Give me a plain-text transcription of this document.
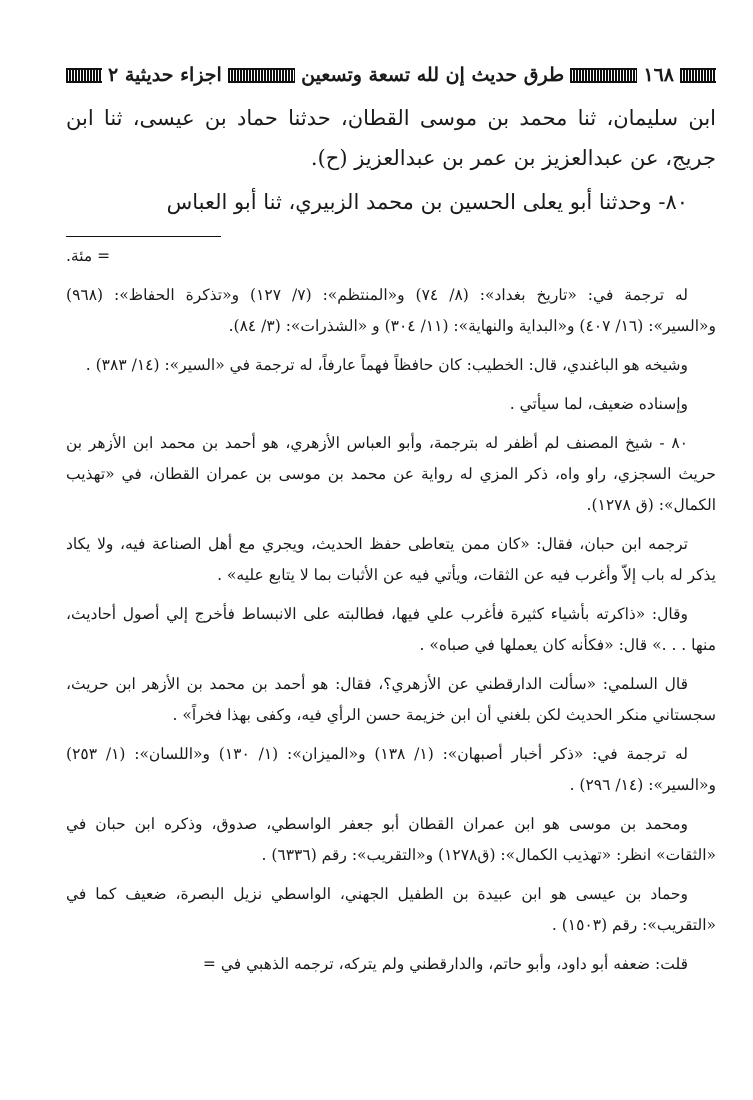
١٦٨
طرق حديث إن لله تسعة وتسعين
اجزاء حديثية ٢

ابن سليمان، ثنا محمد بن موسى القطان، حدثنا حماد بن عيسى، ثنا ابن جريج، عن عبدالعزيز بن عمر بن عبدالعزيز (ح).

٨٠- وحدثنا أبو يعلى الحسين بن محمد الزبيري، ثنا أبو العباس

= مئة.

له ترجمة في: «تاريخ بغداد»: (٨/ ٧٤) و«المنتظم»: (٧/ ١٢٧) و«تذكرة الحفاظ»: (٩٦٨) و«السير»: (١٦/ ٤٠٧) و«البداية والنهاية»: (١١/ ٣٠٤) و «الشذرات»: (٣/ ٨٤).

وشيخه هو الباغندي، قال: الخطيب: كان حافظاً فهماً عارفاً، له ترجمة في «السير»: (١٤/ ٣٨٣) .

وإسناده ضعيف، لما سيأتي .

٨٠ - شيخ المصنف لم أظفر له بترجمة، وأبو العباس الأزهري، هو أحمد بن محمد ابن الأزهر بن حريث السجزي، راو واه، ذكر المزي له رواية عن محمد بن موسى بن عمران القطان، في «تهذيب الكمال»: (ق ١٢٧٨).

ترجمه ابن حبان، فقال: «كان ممن يتعاطى حفظ الحديث، ويجري مع أهل الصناعة فيه، ولا يكاد يذكر له باب إلاّ وأغرب فيه عن الثقات، ويأتي فيه عن الأثبات بما لا يتابع عليه» .

وقال: «ذاكرته بأشياء كثيرة فأغرب علي فيها، فطالبته على الانبساط فأخرج إلي أصول أحاديث، منها . . .» قال: «فكأنه كان يعملها في صباه» .

قال السلمي: «سألت الدارقطني عن الأزهري؟، فقال: هو أحمد بن محمد بن الأزهر ابن حريث، سجستاني منكر الحديث لكن بلغني أن ابن خزيمة حسن الرأي فيه، وكفى بهذا فخراً» .

له ترجمة في: «ذكر أخبار أصبهان»: (١/ ١٣٨) و«الميزان»: (١/ ١٣٠) و«اللسان»: (١/ ٢٥٣) و«السير»: (١٤/ ٢٩٦) .

ومحمد بن موسى هو ابن عمران القطان أبو جعفر الواسطي، صدوق، وذكره ابن حبان في «الثقات» انظر: «تهذيب الكمال»: (ق١٢٧٨) و«التقريب»: رقم (٦٣٣٦) .

وحماد بن عيسى هو ابن عبيدة بن الطفيل الجهني، الواسطي نزيل البصرة، ضعيف كما في «التقريب»: رقم (١٥٠٣) .

قلت: ضعفه أبو داود، وأبو حاتم، والدارقطني ولم يتركه، ترجمه الذهبي في =
